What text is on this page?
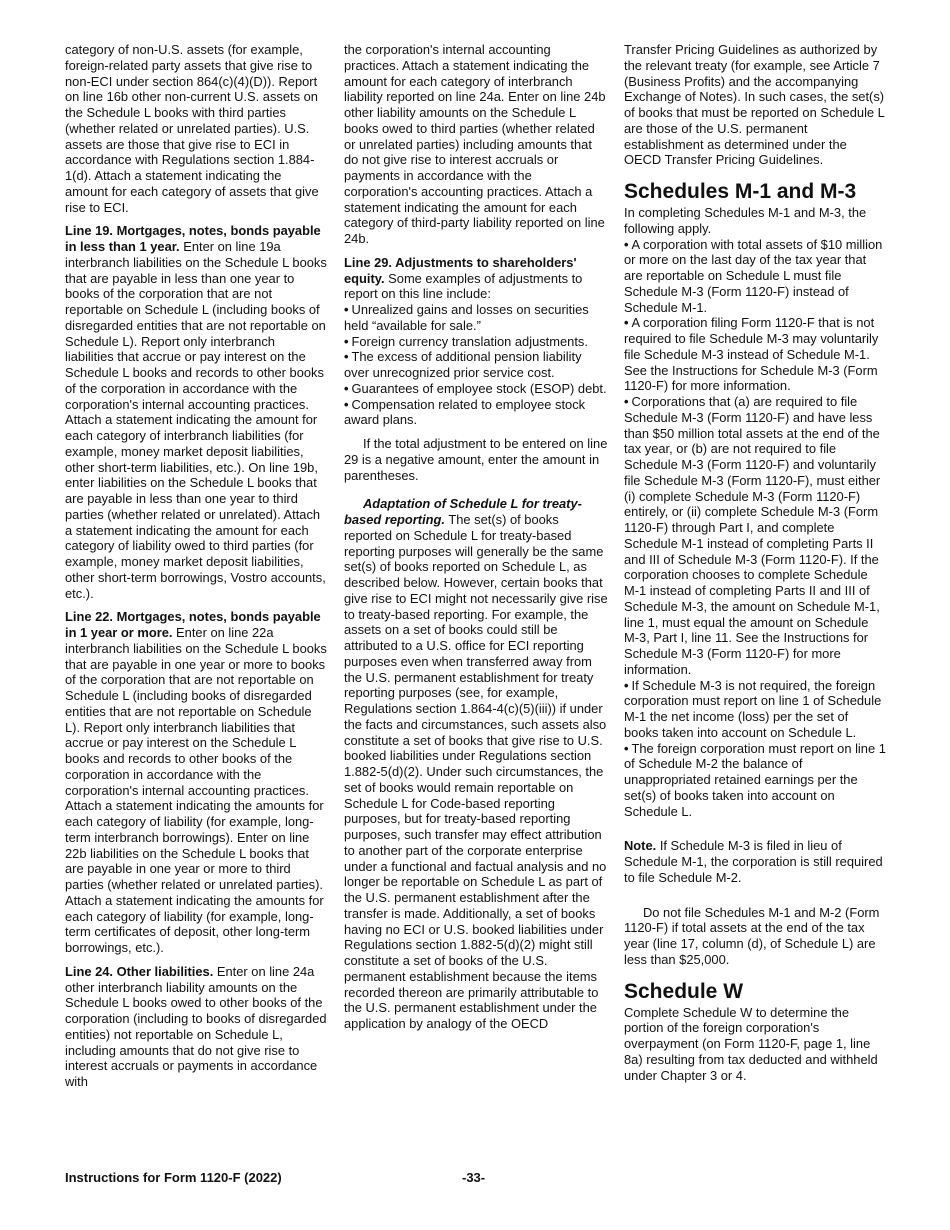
category of non-U.S. assets (for example, foreign-related party assets that give rise to non-ECI under section 864(c)(4)(D)). Report on line 16b other non-current U.S. assets on the Schedule L books with third parties (whether related or unrelated parties). U.S. assets are those that give rise to ECI in accordance with Regulations section 1.884-1(d). Attach a statement indicating the amount for each category of assets that give rise to ECI.

Line 19. Mortgages, notes, bonds payable in less than 1 year. Enter on line 19a interbranch liabilities on the Schedule L books that are payable in less than one year to books of the corporation that are not reportable on Schedule L (including books of disregarded entities that are not reportable on Schedule L). Report only interbranch liabilities that accrue or pay interest on the Schedule L books and records to other books of the corporation in accordance with the corporation's internal accounting practices. Attach a statement indicating the amount for each category of interbranch liabilities (for example, money market deposit liabilities, other short-term liabilities, etc.). On line 19b, enter liabilities on the Schedule L books that are payable in less than one year to third parties (whether related or unrelated). Attach a statement indicating the amount for each category of liability owed to third parties (for example, money market deposit liabilities, other short-term borrowings, Vostro accounts, etc.).

Line 22. Mortgages, notes, bonds payable in 1 year or more. Enter on line 22a interbranch liabilities on the Schedule L books that are payable in one year or more to books of the corporation that are not reportable on Schedule L (including books of disregarded entities that are not reportable on Schedule L). Report only interbranch liabilities that accrue or pay interest on the Schedule L books and records to other books of the corporation in accordance with the corporation's internal accounting practices. Attach a statement indicating the amounts for each category of liability (for example, long-term interbranch borrowings). Enter on line 22b liabilities on the Schedule L books that are payable in one year or more to third parties (whether related or unrelated parties). Attach a statement indicating the amounts for each category of liability (for example, long-term certificates of deposit, other long-term borrowings, etc.).

Line 24. Other liabilities. Enter on line 24a other interbranch liability amounts on the Schedule L books owed to other books of the corporation (including to books of disregarded entities) not reportable on Schedule L, including amounts that do not give rise to interest accruals or payments in accordance with

the corporation's internal accounting practices. Attach a statement indicating the amount for each category of interbranch liability reported on line 24a. Enter on line 24b other liability amounts on the Schedule L books owed to third parties (whether related or unrelated parties) including amounts that do not give rise to interest accruals or payments in accordance with the corporation's accounting practices. Attach a statement indicating the amount for each category of third-party liability reported on line 24b.

Line 29. Adjustments to shareholders' equity. Some examples of adjustments to report on this line include:

• Unrealized gains and losses on securities held “available for sale.”

• Foreign currency translation adjustments.

• The excess of additional pension liability over unrecognized prior service cost.

• Guarantees of employee stock (ESOP) debt.

• Compensation related to employee stock award plans.

If the total adjustment to be entered on line 29 is a negative amount, enter the amount in parentheses.

Adaptation of Schedule L for treaty-based reporting. The set(s) of books reported on Schedule L for treaty-based reporting purposes will generally be the same set(s) of books reported on Schedule L, as described below. However, certain books that give rise to ECI might not necessarily give rise to treaty-based reporting. For example, the assets on a set of books could still be attributed to a U.S. office for ECI reporting purposes even when transferred away from the U.S. permanent establishment for treaty reporting purposes (see, for example, Regulations section 1.864-4(c)(5)(iii)) if under the facts and circumstances, such assets also constitute a set of books that give rise to U.S. booked liabilities under Regulations section 1.882-5(d)(2). Under such circumstances, the set of books would remain reportable on Schedule L for Code-based reporting purposes, but for treaty-based reporting purposes, such transfer may effect attribution to another part of the corporate enterprise under a functional and factual analysis and no longer be reportable on Schedule L as part of the U.S. permanent establishment after the transfer is made. Additionally, a set of books having no ECI or U.S. booked liabilities under Regulations section 1.882-5(d)(2) might still constitute a set of books of the U.S. permanent establishment because the items recorded thereon are primarily attributable to the U.S. permanent establishment under the application by analogy of the OECD

Transfer Pricing Guidelines as authorized by the relevant treaty (for example, see Article 7 (Business Profits) and the accompanying Exchange of Notes). In such cases, the set(s) of books that must be reported on Schedule L are those of the U.S. permanent establishment as determined under the OECD Transfer Pricing Guidelines.

Schedules M-1 and M-3

In completing Schedules M-1 and M-3, the following apply.

• A corporation with total assets of $10 million or more on the last day of the tax year that are reportable on Schedule L must file Schedule M-3 (Form 1120-F) instead of Schedule M-1.

• A corporation filing Form 1120-F that is not required to file Schedule M-3 may voluntarily file Schedule M-3 instead of Schedule M-1. See the Instructions for Schedule M-3 (Form 1120-F) for more information.

• Corporations that (a) are required to file Schedule M-3 (Form 1120-F) and have less than $50 million total assets at the end of the tax year, or (b) are not required to file Schedule M-3 (Form 1120-F) and voluntarily file Schedule M-3 (Form 1120-F), must either (i) complete Schedule M-3 (Form 1120-F) entirely, or (ii) complete Schedule M-3 (Form 1120-F) through Part I, and complete Schedule M-1 instead of completing Parts II and III of Schedule M-3 (Form 1120-F). If the corporation chooses to complete Schedule M-1 instead of completing Parts II and III of Schedule M-3, the amount on Schedule M-1, line 1, must equal the amount on Schedule M-3, Part I, line 11. See the Instructions for Schedule M-3 (Form 1120-F) for more information.

• If Schedule M-3 is not required, the foreign corporation must report on line 1 of Schedule M-1 the net income (loss) per the set of books taken into account on Schedule L.

• The foreign corporation must report on line 1 of Schedule M-2 the balance of unappropriated retained earnings per the set(s) of books taken into account on Schedule L.

Note. If Schedule M-3 is filed in lieu of Schedule M-1, the corporation is still required to file Schedule M-2.

Do not file Schedules M-1 and M-2 (Form 1120-F) if total assets at the end of the tax year (line 17, column (d), of Schedule L) are less than $25,000.

Schedule W

Complete Schedule W to determine the portion of the foreign corporation's overpayment (on Form 1120-F, page 1, line 8a) resulting from tax deducted and withheld under Chapter 3 or 4.

Instructions for Form 1120-F (2022)	-33-
